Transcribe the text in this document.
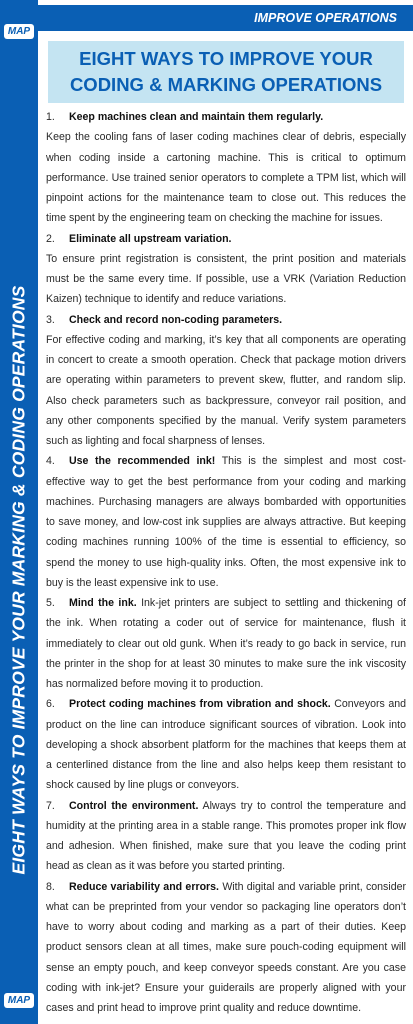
MAP
EIGHT WAYS TO IMPROVE YOUR MARKING & CODING OPERATIONS
MAP
IMPROVE OPERATIONS
EIGHT WAYS TO IMPROVE YOUR
CODING & MARKING OPERATIONS

1. Keep machines clean and maintain them regularly.

Keep the cooling fans of laser coding machines clear of debris, especially when coding inside a cartoning machine. This is critical to optimum performance. Use trained senior operators to complete a TPM list, which will pinpoint actions for the maintenance team to close out. This reduces the time spent by the engineering team on checking the machine for issues.

2. Eliminate all upstream variation.

To ensure print registration is consistent, the print position and materials must be the same every time. If possible, use a VRK (Variation Reduction Kaizen) technique to identify and reduce variations.

3. Check and record non-coding parameters.

For effective coding and marking, it’s key that all components are operating in concert to create a smooth operation. Check that package motion drivers are operating within parameters to prevent skew, flutter, and random slip. Also check parameters such as backpressure, conveyor rail position, and any other components specified by the manual. Verify system parameters such as lighting and focal sharpness of lenses.

4. Use the recommended ink! This is the simplest and most cost-effective way to get the best performance from your coding and marking machines. Purchasing managers are always bombarded with opportunities to save money, and low-cost ink supplies are always attractive. But keeping coding machines running 100% of the time is essential to efficiency, so spend the money to use high-quality inks. Often, the most expensive ink to buy is the least expensive ink to use.

5. Mind the ink. Ink-jet printers are subject to settling and thickening of the ink. When rotating a coder out of service for maintenance, flush it immediately to clear out old gunk. When it’s ready to go back in service, run the printer in the shop for at least 30 minutes to make sure the ink viscosity has normalized before moving it to production.

6. Protect coding machines from vibration and shock. Conveyors and product on the line can introduce significant sources of vibration. Look into developing a shock absorbent platform for the machines that keeps them at a centerlined distance from the line and also helps keep them resistant to shock caused by line plugs or conveyors.

7. Control the environment. Always try to control the temperature and humidity at the printing area in a stable range. This promotes proper ink flow and adhesion. When finished, make sure that you leave the coding print head as clean as it was before you started printing.

8. Reduce variability and errors. With digital and variable print, consider what can be preprinted from your vendor so packaging line operators don’t have to worry about coding and marking as a part of their duties. Keep product sensors clean at all times, make sure pouch-coding equipment will sense an empty pouch, and keep conveyor speeds constant. Are you case coding with ink-jet? Ensure your guiderails are properly aligned with your cases and print head to improve print quality and reduce downtime.
